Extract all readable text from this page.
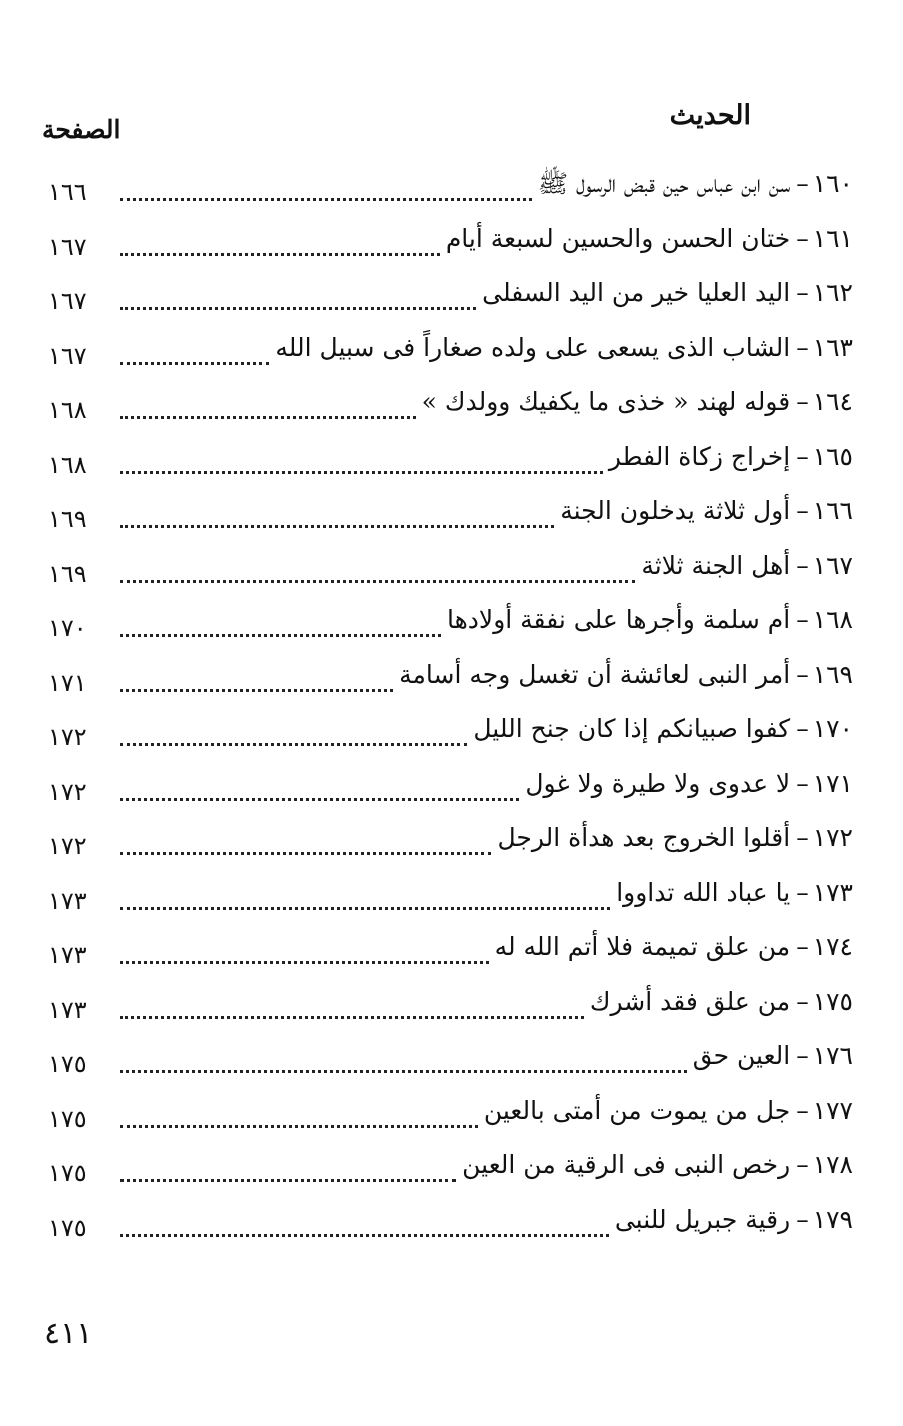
الحديث
الصفحة
١٦٠
–
سن ابن عباس حين قبض الرسول ﷺ
١٦٦
١٦١
–
ختان الحسن والحسين لسبعة أيام
١٦٧
١٦٢
–
اليد العليا خير من اليد السفلى
١٦٧
١٦٣
–
الشاب الذى يسعى على ولده صغاراً فى سبيل الله
١٦٧
١٦٤
–
قوله لهند « خذى ما يكفيك وولدك »
١٦٨
١٦٥
–
إخراج زكاة الفطر
١٦٨
١٦٦
–
أول ثلاثة يدخلون الجنة
١٦٩
١٦٧
–
أهل الجنة ثلاثة
١٦٩
١٦٨
–
أم سلمة وأجرها على نفقة أولادها
١٧٠
١٦٩
–
أمر النبى لعائشة أن تغسل وجه أسامة
١٧١
١٧٠
–
كفوا صبيانكم إذا كان جنح الليل
١٧٢
١٧١
–
لا عدوى ولا طيرة ولا غول
١٧٢
١٧٢
–
أقلوا الخروج بعد هدأة الرجل
١٧٢
١٧٣
–
يا عباد الله تداووا
١٧٣
١٧٤
–
من علق تميمة فلا أتم الله له
١٧٣
١٧٥
–
من علق فقد أشرك
١٧٣
١٧٦
–
العين حق
١٧٥
١٧٧
–
جل من يموت من أمتى بالعين
١٧٥
١٧٨
–
رخص النبى فى الرقية من العين
١٧٥
١٧٩
–
رقية جبريل للنبى
١٧٥
٤١١
